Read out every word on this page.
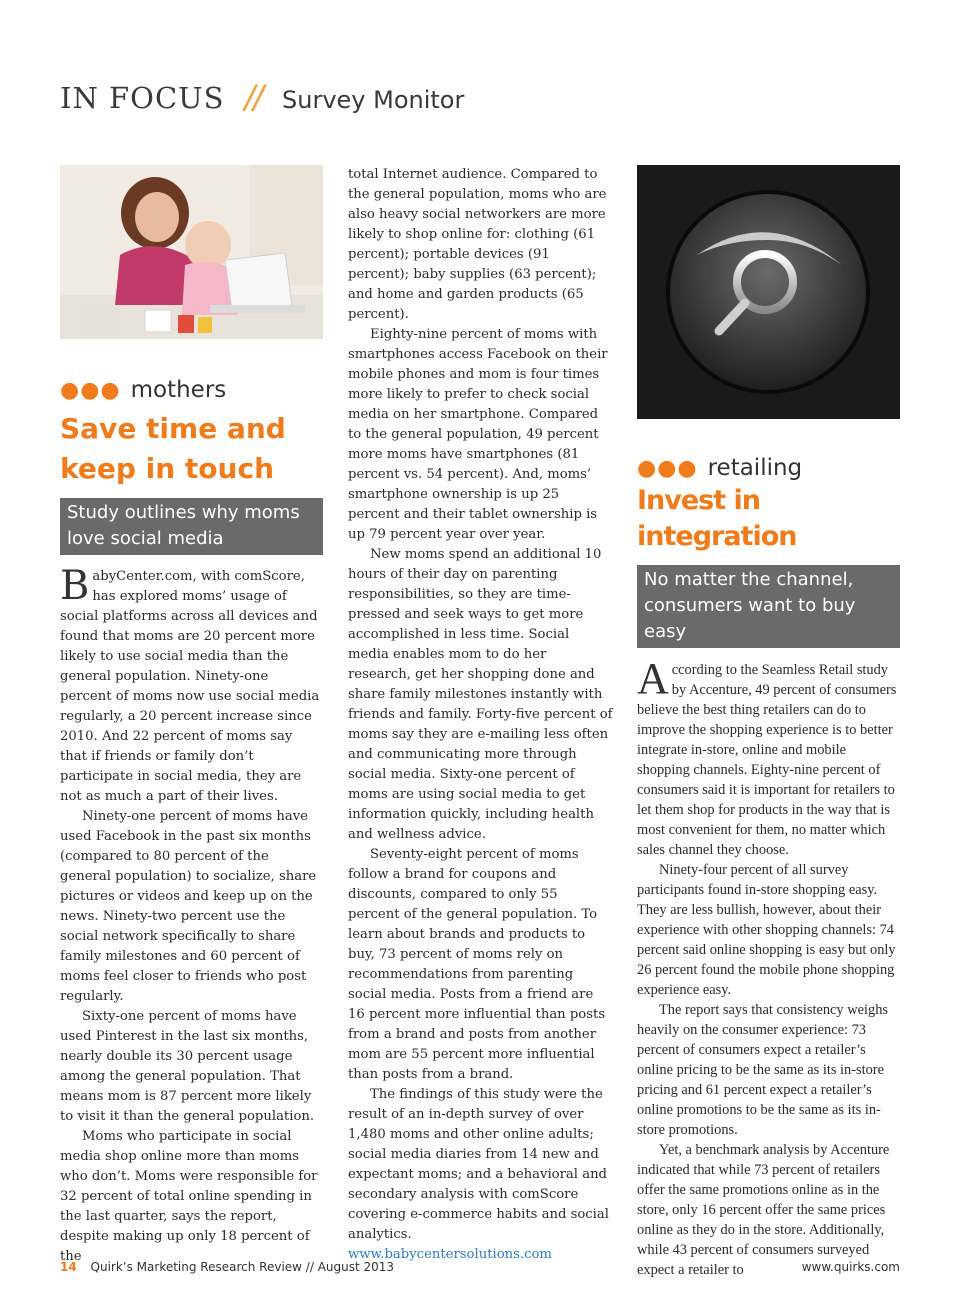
IN FOCUS // Survey Monitor
●●● mothers
Save time and
keep in touch
Study outlines why moms
love social media

BabyCenter.com, with comScore, has explored moms’ usage of social platforms across all devices and found that moms are 20 percent more likely to use social media than the general population. Ninety-one percent of moms now use social media regularly, a 20 percent increase since 2010. And 22 percent of moms say that if friends or family don’t participate in social media, they are not as much a part of their lives.

Ninety-one percent of moms have used Facebook in the past six months (compared to 80 percent of the general population) to socialize, share pictures or videos and keep up on the news. Ninety-two percent use the social network specifically to share family milestones and 60 percent of moms feel closer to friends who post regularly.

Sixty-one percent of moms have used Pinterest in the last six months, nearly double its 30 percent usage among the general population. That means mom is 87 percent more likely to visit it than the general population.

Moms who participate in social media shop online more than moms who don’t. Moms were responsible for 32 percent of total online spending in the last quarter, says the report, despite making up only 18 percent of the

total Internet audience. Compared to the general population, moms who are also heavy social networkers are more likely to shop online for: clothing (61 percent); portable devices (91 percent); baby supplies (63 percent); and home and garden products (65 percent).

Eighty-nine percent of moms with smartphones access Facebook on their mobile phones and mom is four times more likely to prefer to check social media on her smartphone. Compared to the general population, 49 percent more moms have smartphones (81 percent vs. 54 percent). And, moms’ smartphone ownership is up 25 percent and their tablet ownership is up 79 percent year over year.

New moms spend an additional 10 hours of their day on parenting responsibilities, so they are time-pressed and seek ways to get more accomplished in less time. Social media enables mom to do her research, get her shopping done and share family milestones instantly with friends and family. Forty-five percent of moms say they are e-mailing less often and communicating more through social media. Sixty-one percent of moms are using social media to get information quickly, including health and wellness advice.

Seventy-eight percent of moms follow a brand for coupons and discounts, compared to only 55 percent of the general population. To learn about brands and products to buy, 73 percent of moms rely on recommendations from parenting social media. Posts from a friend are 16 percent more influential than posts from a brand and posts from another mom are 55 percent more influential than posts from a brand.

The findings of this study were the result of an in-depth survey of over 1,480 moms and other online adults; social media diaries from 14 new and expectant moms; and a behavioral and secondary analysis with comScore covering e-commerce habits and social analytics.

www.babycentersolutions.com

●●● retailing
Invest in integration
No matter the channel,
consumers want to buy easy

According to the Seamless Retail study by Accenture, 49 percent of consumers believe the best thing retailers can do to improve the shopping experience is to better integrate in-store, online and mobile shopping channels. Eighty-nine percent of consumers said it is important for retailers to let them shop for products in the way that is most convenient for them, no matter which sales channel they choose.

Ninety-four percent of all survey participants found in-store shopping easy. They are less bullish, however, about their experience with other shopping channels: 74 percent said online shopping is easy but only 26 percent found the mobile phone shopping experience easy.

The report says that consistency weighs heavily on the consumer experience: 73 percent of consumers expect a retailer’s online pricing to be the same as its in-store pricing and 61 percent expect a retailer’s online promotions to be the same as its in-store promotions.

Yet, a benchmark analysis by Accenture indicated that while 73 percent of retailers offer the same promotions online as in the store, only 16 percent offer the same prices online as they do in the store. Additionally, while 43 percent of consumers surveyed expect a retailer to

14 Quirk’s Marketing Research Review // August 2013	www.quirks.com
